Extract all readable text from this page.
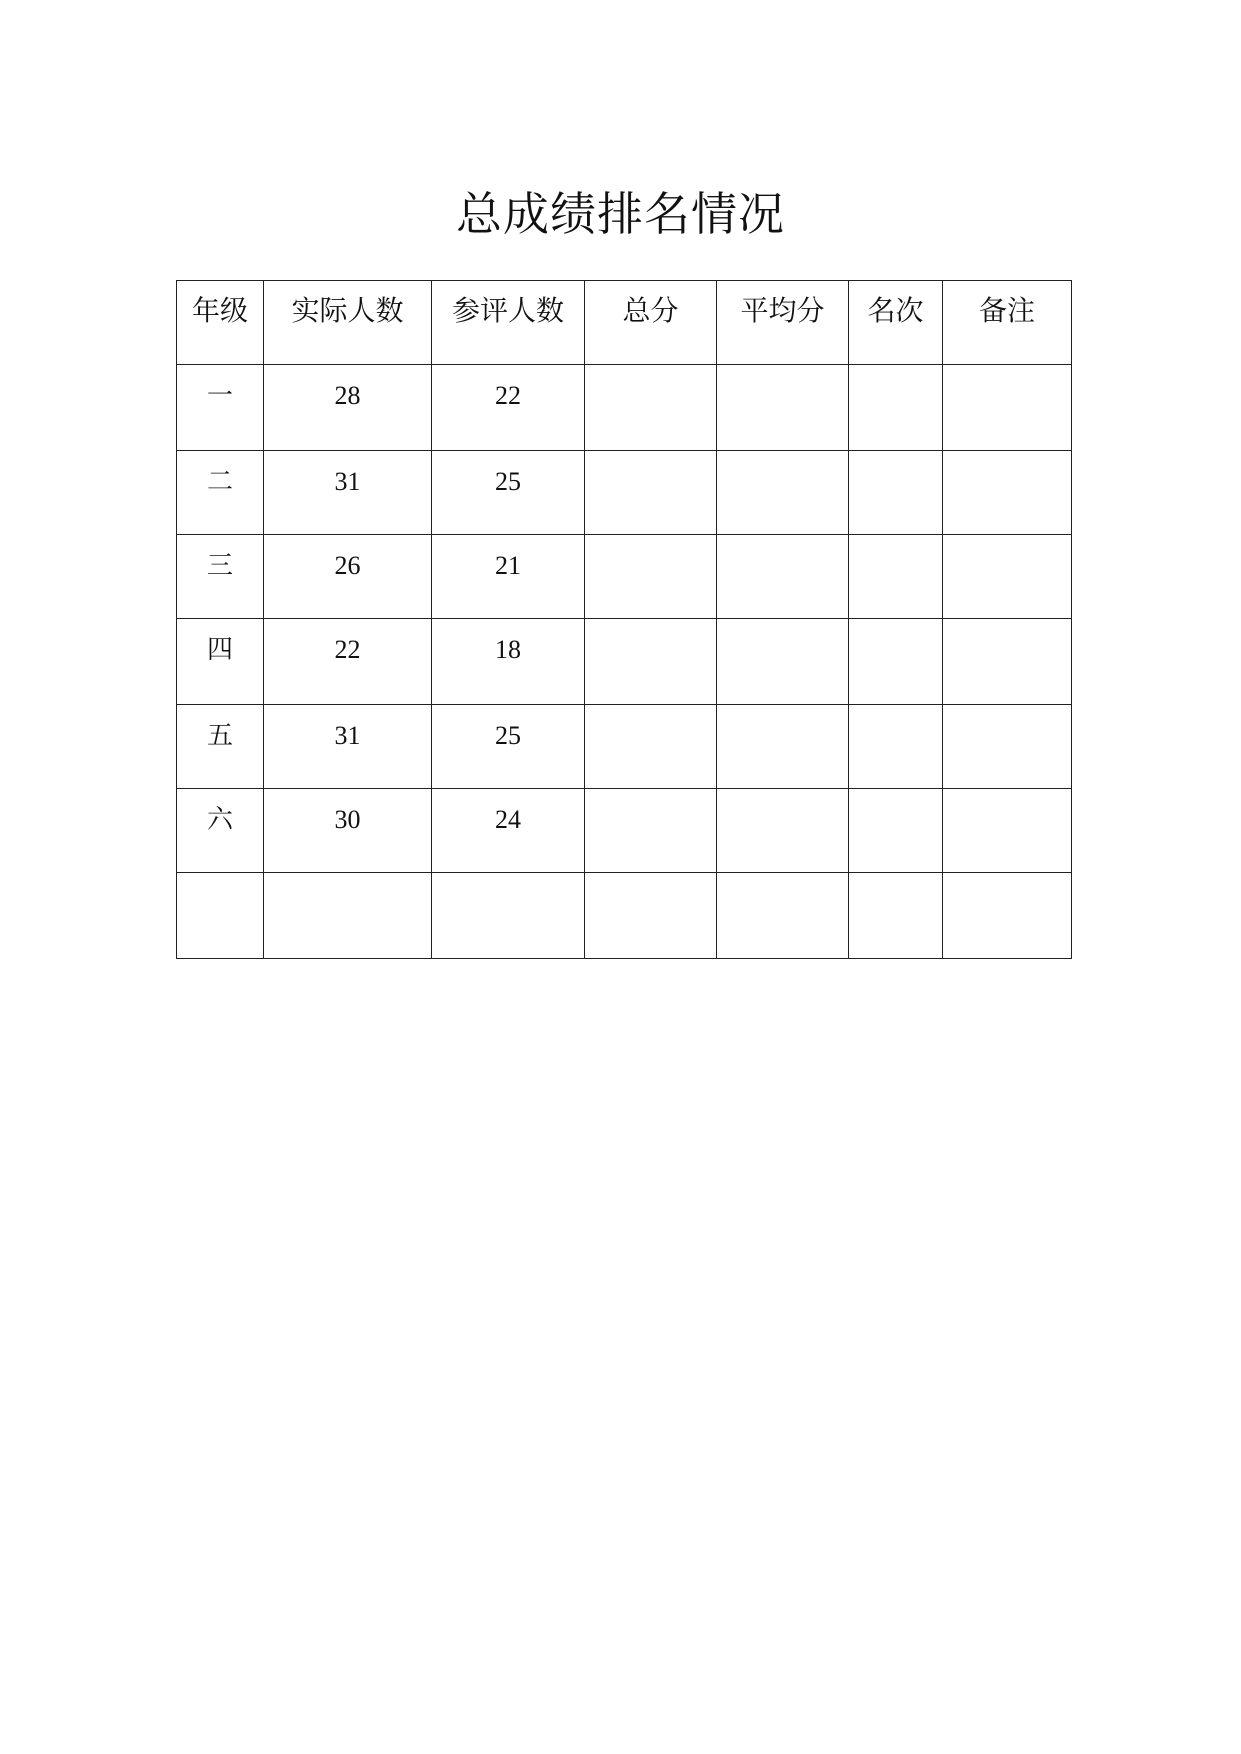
总成绩排名情况
年级	实际人数	参评人数	总分	平均分	名次	备注
一	28	22				
二	31	25				
三	26	21				
四	22	18				
五	31	25				
六	30	24				
